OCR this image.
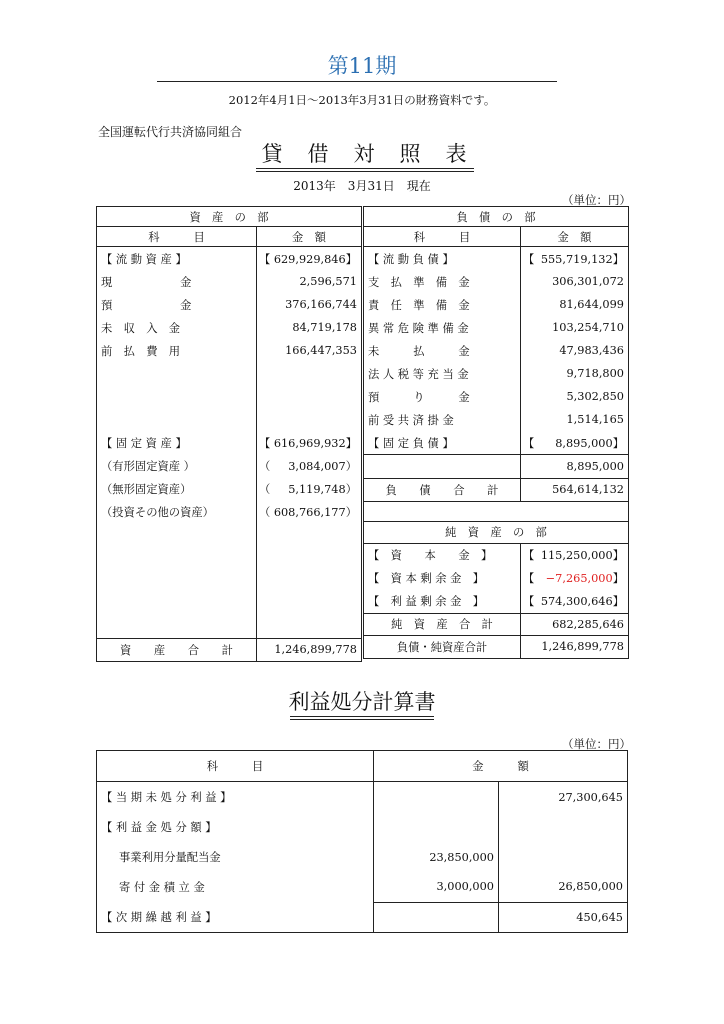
第11期
2012年4月1日～2013年3月31日の財務資料です。
全国運転代行共済協同組合
貸　借　対　照　表
2013年　3月31日　現在
（単位：円）
資　産　の　部	
科　　　目	金　額
【 流 動 資 産 】	【 629,929,846】
現　　　　　　金	2,596,571
預　　　　　　金	376,166,744
未　収　入　金	84,719,178
前　払　費　用	166,447,353

【 固 定 資 産 】	【 616,969,932】
（有形固定資産 ）	（ 3,084,007）
（無形固定資産）	（ 5,119,748）
（投資その他の資産）	（ 608,766,177）

資　　産　　合　　計	1,246,899,778
負　債　の　部	
科　　　目	金　額
【 流 動 負 債 】	【 555,719,132】
支　払　準　備　金	306,301,072
責　任　準　備　金	81,644,099
異 常 危 険 準 備 金	103,254,710
未　　　払　　　金	47,983,436
法 人 税 等 充 当 金	9,718,800
預　　　り　　　金	5,302,850
前 受 共 済 掛 金	1,514,165
【 固 定 負 債 】	【 8,895,000】
	8,895,000
負　　債　　合　　計	564,614,132

純　資　産　の　部	
【　資　　本　　金　】	【 115,250,000】
【　資 本 剰 余 金　】	【 −7,265,000】
【　利 益 剰 余 金　】	【 574,300,646】
純　資　産　合　計	682,285,646
負債・純資産合計	1,246,899,778
利益処分計算書
（単位：円）
科　　　目	金　　　額	
【 当 期 未 処 分 利 益 】		27,300,645
【 利 益 金 処 分 額 】		
事業利用分量配当金	23,850,000	
寄 付 金 積 立 金	3,000,000	26,850,000
【 次 期 繰 越 利 益 】		450,645
